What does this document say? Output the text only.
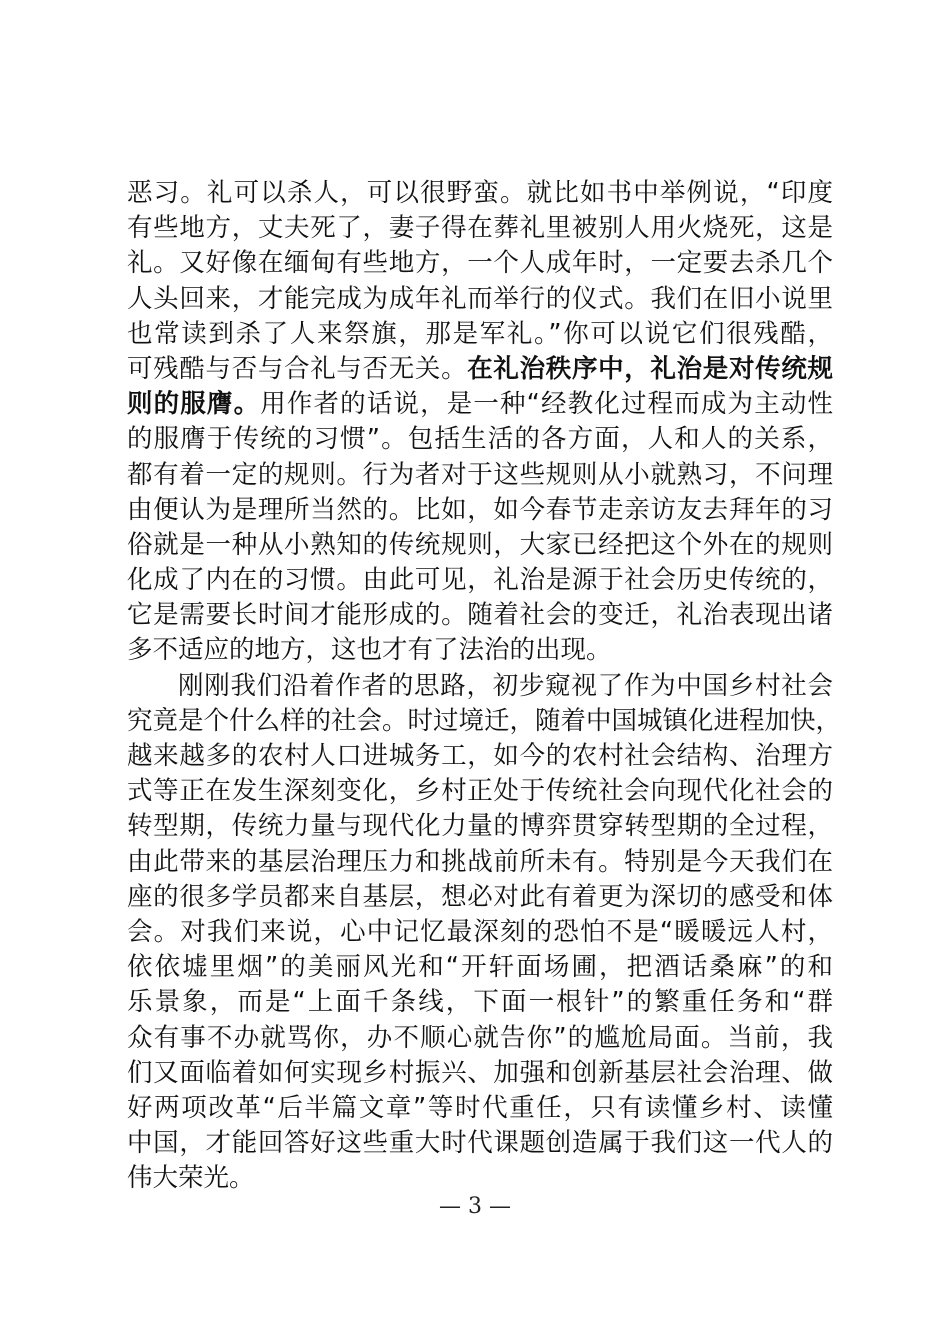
恶习。礼可以杀人，可以很野蛮。就比如书中举例说，“印度
有些地方，丈夫死了，妻子得在葬礼里被别人用火烧死，这是
礼。又好像在缅甸有些地方，一个人成年时，一定要去杀几个
人头回来，才能完成为成年礼而举行的仪式。我们在旧小说里
也常读到杀了人来祭旗，那是军礼。”你可以说它们很残酷，
可残酷与否与合礼与否无关。在礼治秩序中，礼治是对传统规
则的服膺。用作者的话说，是一种“经教化过程而成为主动性
的服膺于传统的习惯”。包括生活的各方面，人和人的关系，
都有着一定的规则。行为者对于这些规则从小就熟习，不问理
由便认为是理所当然的。比如，如今春节走亲访友去拜年的习
俗就是一种从小熟知的传统规则，大家已经把这个外在的规则
化成了内在的习惯。由此可见，礼治是源于社会历史传统的，
它是需要长时间才能形成的。随着社会的变迁，礼治表现出诸
多不适应的地方，这也才有了法治的出现。
刚刚我们沿着作者的思路，初步窥视了作为中国乡村社会
究竟是个什么样的社会。时过境迁，随着中国城镇化进程加快，
越来越多的农村人口进城务工，如今的农村社会结构、治理方
式等正在发生深刻变化，乡村正处于传统社会向现代化社会的
转型期，传统力量与现代化力量的博弈贯穿转型期的全过程，
由此带来的基层治理压力和挑战前所未有。特别是今天我们在
座的很多学员都来自基层，想必对此有着更为深切的感受和体
会。对我们来说，心中记忆最深刻的恐怕不是“暖暖远人村，
依依墟里烟”的美丽风光和“开轩面场圃，把酒话桑麻”的和
乐景象，而是“上面千条线，下面一根针”的繁重任务和“群
众有事不办就骂你，办不顺心就告你”的尴尬局面。当前，我
们又面临着如何实现乡村振兴、加强和创新基层社会治理、做
好两项改革“后半篇文章”等时代重任，只有读懂乡村、读懂
中国，才能回答好这些重大时代课题创造属于我们这一代人的
伟大荣光。
— 3 —
